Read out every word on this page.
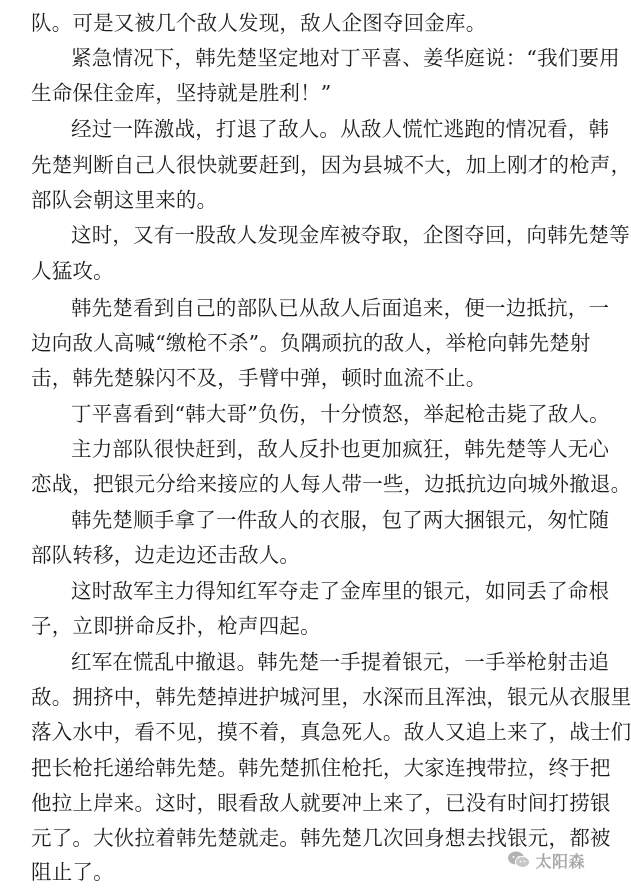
队。可是又被几个敌人发现，敌人企图夺回金库。
紧急情况下，韩先楚坚定地对丁平喜、姜华庭说：“我们要用
生命保住金库，坚持就是胜利！”
经过一阵激战，打退了敌人。从敌人慌忙逃跑的情况看，韩
先楚判断自己人很快就要赶到，因为县城不大，加上刚才的枪声，
部队会朝这里来的。
这时，又有一股敌人发现金库被夺取，企图夺回，向韩先楚等
人猛攻。
韩先楚看到自己的部队已从敌人后面追来，便一边抵抗，一
边向敌人高喊“缴枪不杀”。负隅顽抗的敌人，举枪向韩先楚射
击，韩先楚躲闪不及，手臂中弹，顿时血流不止。
丁平喜看到“韩大哥”负伤，十分愤怒，举起枪击毙了敌人。
主力部队很快赶到，敌人反扑也更加疯狂，韩先楚等人无心
恋战，把银元分给来接应的人每人带一些，边抵抗边向城外撤退。
韩先楚顺手拿了一件敌人的衣服，包了两大捆银元，匆忙随
部队转移，边走边还击敌人。
这时敌军主力得知红军夺走了金库里的银元，如同丢了命根
子，立即拼命反扑，枪声四起。
红军在慌乱中撤退。韩先楚一手提着银元，一手举枪射击追
敌。拥挤中，韩先楚掉进护城河里，水深而且浑浊，银元从衣服里
落入水中，看不见，摸不着，真急死人。敌人又追上来了，战士们
把长枪托递给韩先楚。韩先楚抓住枪托，大家连拽带拉，终于把
他拉上岸来。这时，眼看敌人就要冲上来了，已没有时间打捞银
元了。大伙拉着韩先楚就走。韩先楚几次回身想去找银元，都被
阻止了。	太阳森
